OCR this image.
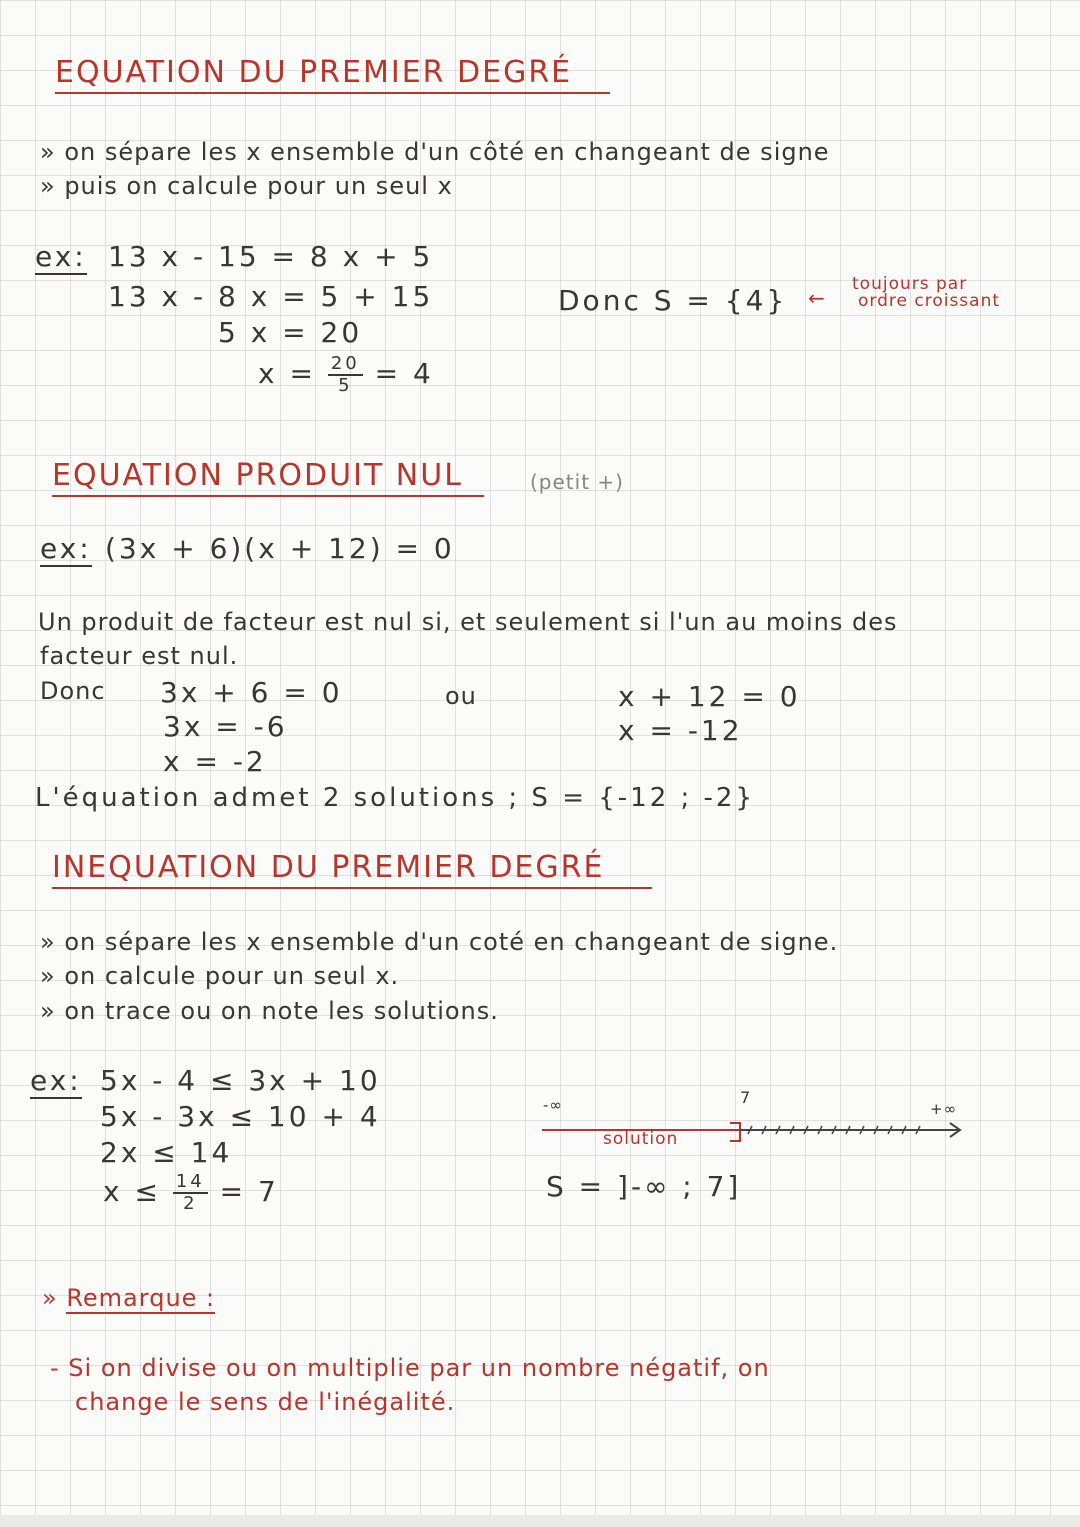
EQUATION DU PREMIER DEGRÉ
» on sépare les x ensemble d'un côté en changeant de signe
» puis on calcule pour un seul x
ex: 13 x - 15 = 8 x + 5
13 x - 8 x = 5 + 15
5 x = 20
$x = \frac{20}{5} = 4$
Donc S = {4} ←
toujours par
ordre croissant
EQUATION PRODUIT NUL	(petit +)
ex: (3x + 6)(x + 12) = 0
Un produit de facteur est nul si, et seulement si l'un au moins des
facteur est nul.
Donc 3x + 6 = 0
3x = -6
x = -2
ou	x + 12 = 0
x = -12
L'équation admet 2 solutions ; S = {-12 ; -2}
INEQUATION DU PREMIER DEGRÉ
» on sépare les x ensemble d'un coté en changeant de signe.
» on calcule pour un seul x.
» on trace ou on note les solutions.
ex: 5x - 4 ≤ 3x + 10
5x - 3x ≤ 10 + 4
2x ≤ 14
$x \le \frac{14}{2} = 7$
-∞	7
+∞
solution
S = ]-∞ ; 7]
» Remarque :
- Si on divise ou on multiplie par un nombre négatif, on
change le sens de l'inégalité.
